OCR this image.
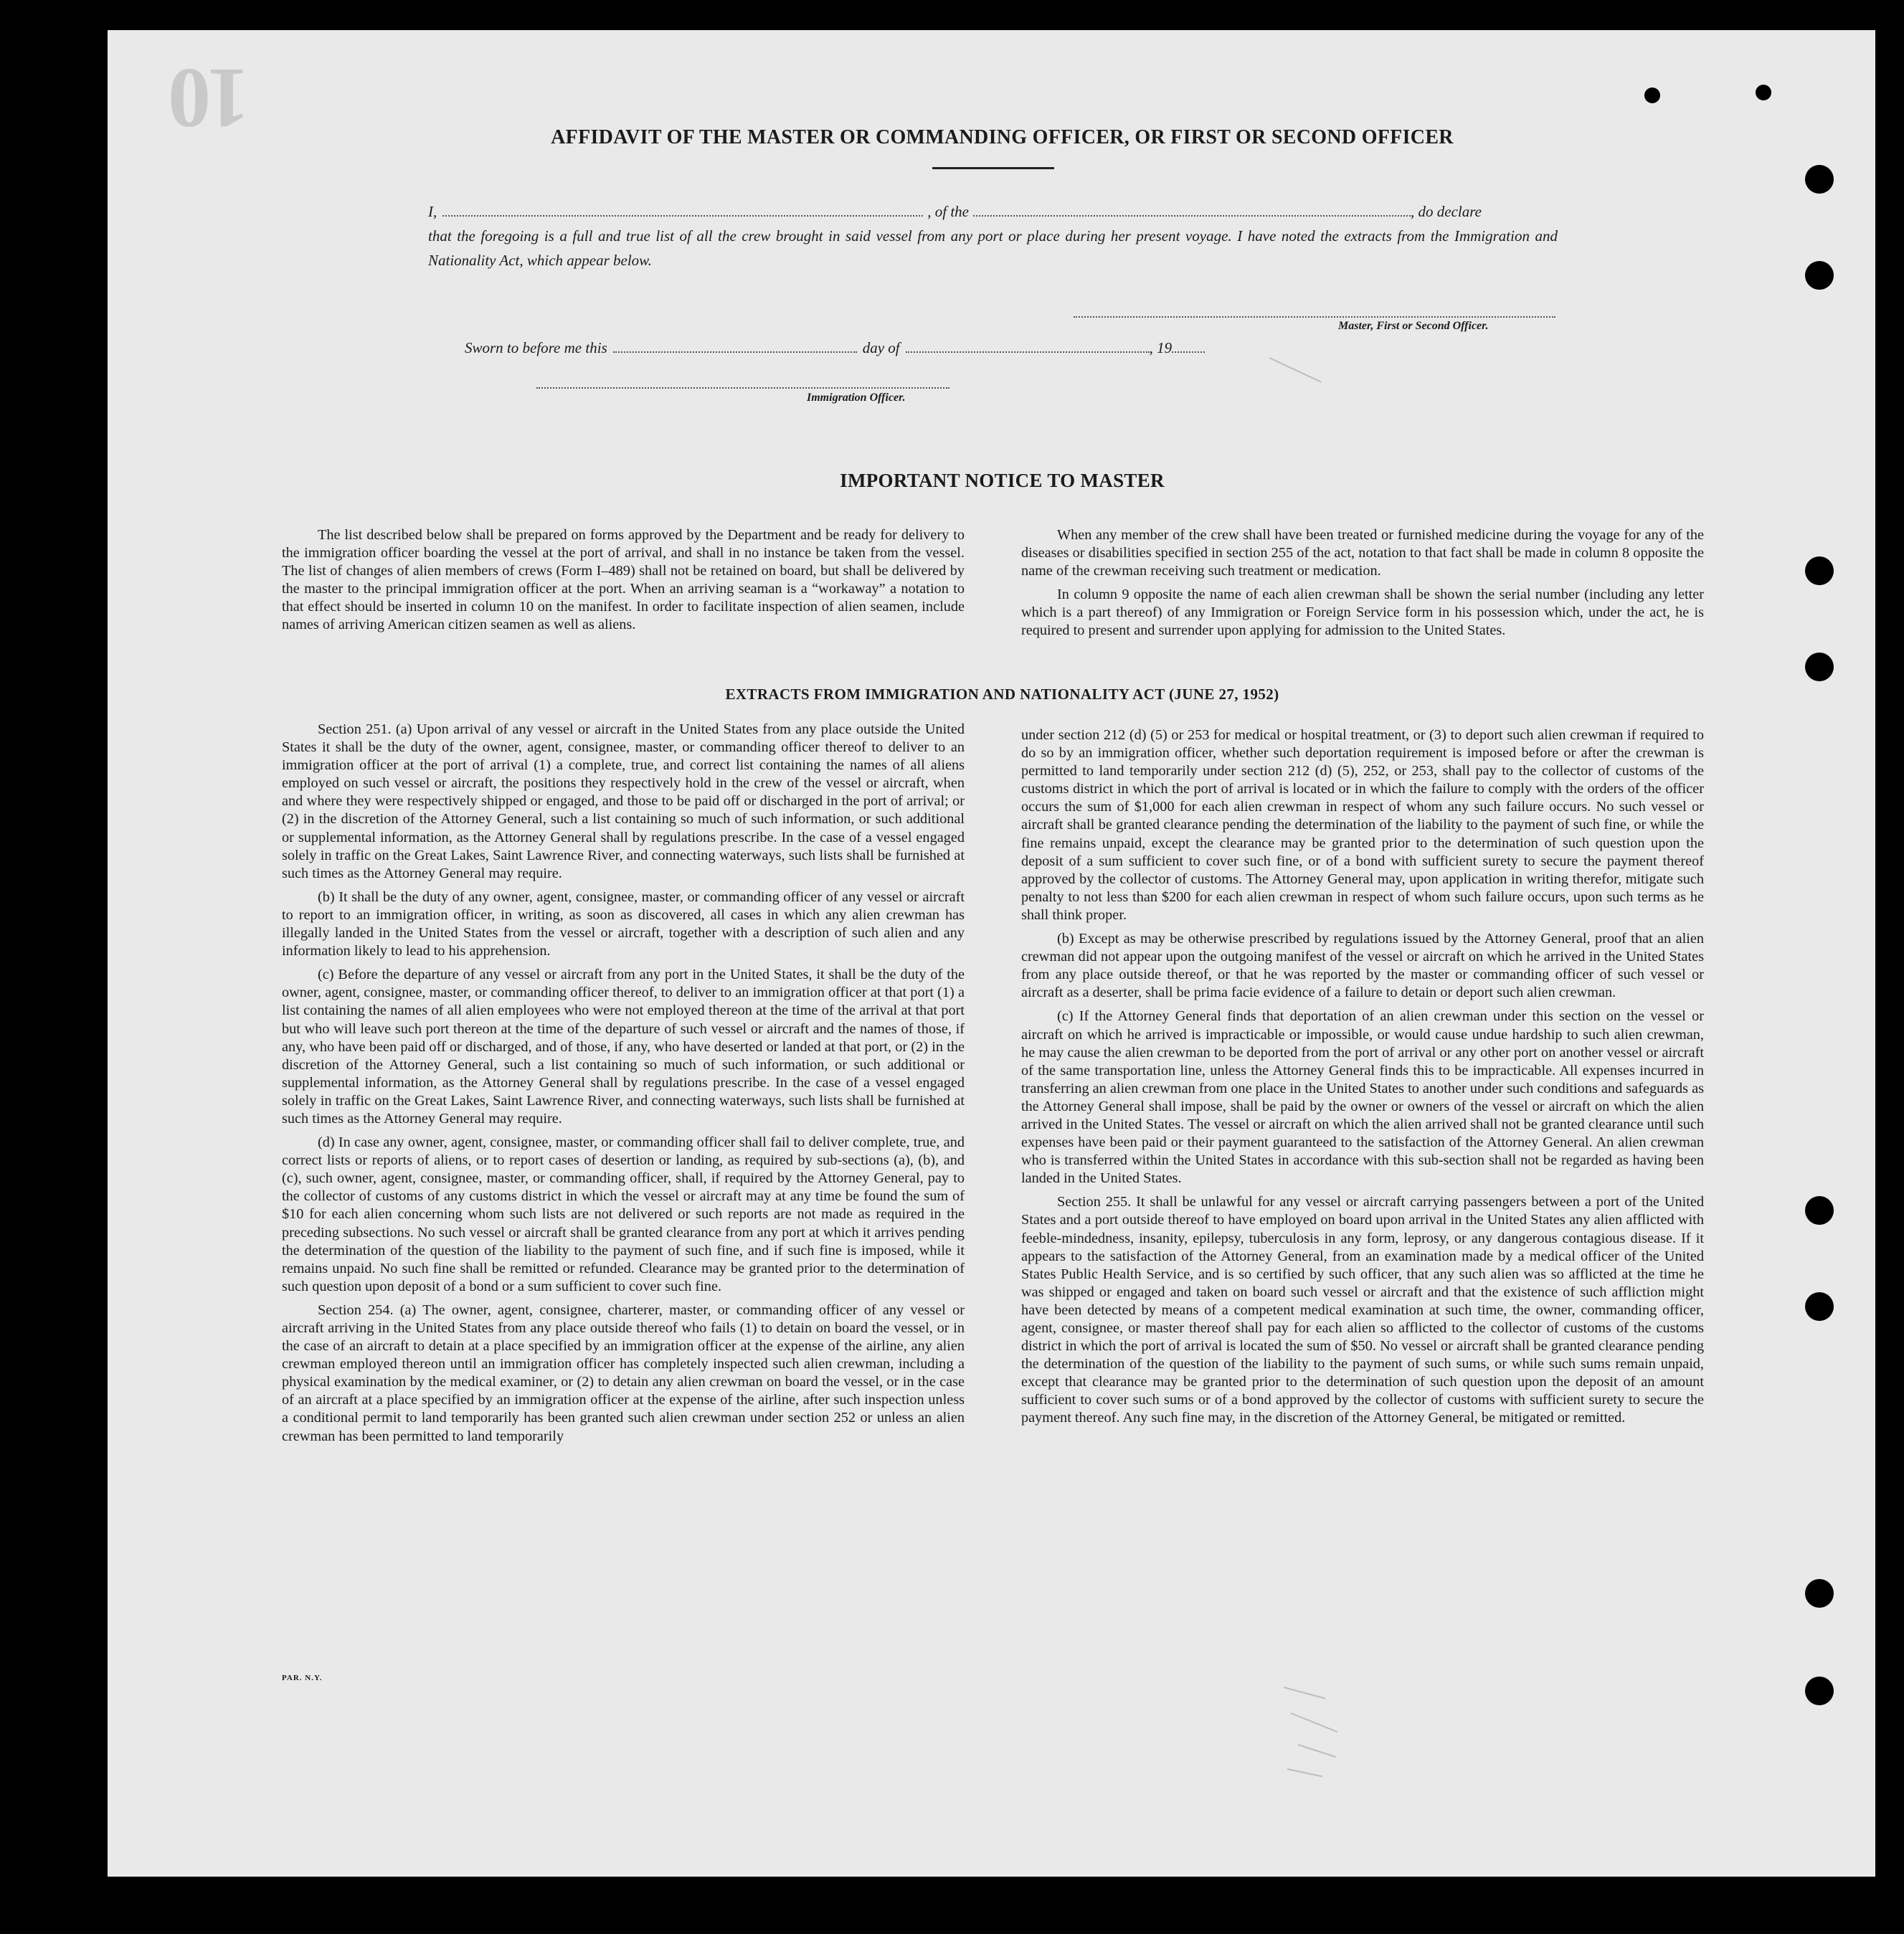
10	AFFIDAVIT OF THE MASTER OR COMMANDING OFFICER, OR FIRST OR SECOND OFFICER
I,	, of the	, do declare
that the foregoing is a full and true list of all the crew brought in said vessel from any port or place during her present voyage. I have noted the extracts from the Immigration and Nationality Act, which appear below.
Master, First or Second Officer.
Sworn to before me this	day of	, 19
Immigration Officer.
IMPORTANT NOTICE TO MASTER

The list described below shall be prepared on forms approved by the Department and be ready for delivery to the immigration officer boarding the vessel at the port of arrival, and shall in no instance be taken from the vessel. The list of changes of alien members of crews (Form I–489) shall not be retained on board, but shall be delivered by the master to the principal immigration officer at the port. When an arriving seaman is a “workaway” a notation to that effect should be inserted in column 10 on the manifest. In order to facilitate inspection of alien seamen, include names of arriving American citizen seamen as well as aliens.

When any member of the crew shall have been treated or furnished medicine during the voyage for any of the diseases or disabilities specified in section 255 of the act, notation to that fact shall be made in column 8 opposite the name of the crewman receiving such treatment or medication.

In column 9 opposite the name of each alien crewman shall be shown the serial number (including any letter which is a part thereof) of any Immigration or Foreign Service form in his possession which, under the act, he is required to present and surrender upon applying for admission to the United States.

EXTRACTS FROM IMMIGRATION AND NATIONALITY ACT (JUNE 27, 1952)

Section 251. (a) Upon arrival of any vessel or aircraft in the United States from any place outside the United States it shall be the duty of the owner, agent, consignee, master, or commanding officer thereof to deliver to an immigration officer at the port of arrival (1) a complete, true, and correct list containing the names of all aliens employed on such vessel or aircraft, the positions they respectively hold in the crew of the vessel or aircraft, when and where they were respectively shipped or engaged, and those to be paid off or discharged in the port of arrival; or (2) in the discretion of the Attorney General, such a list containing so much of such information, or such additional or supplemental information, as the Attorney General shall by regulations prescribe. In the case of a vessel engaged solely in traffic on the Great Lakes, Saint Lawrence River, and connecting waterways, such lists shall be furnished at such times as the Attorney General may require.

(b) It shall be the duty of any owner, agent, consignee, master, or commanding officer of any vessel or aircraft to report to an immigration officer, in writing, as soon as discovered, all cases in which any alien crewman has illegally landed in the United States from the vessel or aircraft, together with a description of such alien and any information likely to lead to his apprehension.

(c) Before the departure of any vessel or aircraft from any port in the United States, it shall be the duty of the owner, agent, consignee, master, or commanding officer thereof, to deliver to an immigration officer at that port (1) a list containing the names of all alien employees who were not employed thereon at the time of the arrival at that port but who will leave such port thereon at the time of the departure of such vessel or aircraft and the names of those, if any, who have been paid off or discharged, and of those, if any, who have deserted or landed at that port, or (2) in the discretion of the Attorney General, such a list containing so much of such information, or such additional or supplemental information, as the Attorney General shall by regulations prescribe. In the case of a vessel engaged solely in traffic on the Great Lakes, Saint Lawrence River, and connecting waterways, such lists shall be furnished at such times as the Attorney General may require.

(d) In case any owner, agent, consignee, master, or commanding officer shall fail to deliver complete, true, and correct lists or reports of aliens, or to report cases of desertion or landing, as required by sub-sections (a), (b), and (c), such owner, agent, consignee, master, or commanding officer, shall, if required by the Attorney General, pay to the collector of customs of any customs district in which the vessel or aircraft may at any time be found the sum of $10 for each alien concerning whom such lists are not delivered or such reports are not made as required in the preceding subsections. No such vessel or aircraft shall be granted clearance from any port at which it arrives pending the determination of the question of the liability to the payment of such fine, and if such fine is imposed, while it remains unpaid. No such fine shall be remitted or refunded. Clearance may be granted prior to the determination of such question upon deposit of a bond or a sum sufficient to cover such fine.

Section 254. (a) The owner, agent, consignee, charterer, master, or commanding officer of any vessel or aircraft arriving in the United States from any place outside thereof who fails (1) to detain on board the vessel, or in the case of an aircraft to detain at a place specified by an immigration officer at the expense of the airline, any alien crewman employed thereon until an immigration officer has completely inspected such alien crewman, including a physical examination by the medical examiner, or (2) to detain any alien crewman on board the vessel, or in the case of an aircraft at a place specified by an immigration officer at the expense of the airline, after such inspection unless a conditional permit to land temporarily has been granted such alien crewman under section 252 or unless an alien crewman has been permitted to land temporarily

under section 212 (d) (5) or 253 for medical or hospital treatment, or (3) to deport such alien crewman if required to do so by an immigration officer, whether such deportation requirement is imposed before or after the crewman is permitted to land temporarily under section 212 (d) (5), 252, or 253, shall pay to the collector of customs of the customs district in which the port of arrival is located or in which the failure to comply with the orders of the officer occurs the sum of $1,000 for each alien crewman in respect of whom any such failure occurs. No such vessel or aircraft shall be granted clearance pending the determination of the liability to the payment of such fine, or while the fine remains unpaid, except the clearance may be granted prior to the determination of such question upon the deposit of a sum sufficient to cover such fine, or of a bond with sufficient surety to secure the payment thereof approved by the collector of customs. The Attorney General may, upon application in writing therefor, mitigate such penalty to not less than $200 for each alien crewman in respect of whom such failure occurs, upon such terms as he shall think proper.

(b) Except as may be otherwise prescribed by regulations issued by the Attorney General, proof that an alien crewman did not appear upon the outgoing manifest of the vessel or aircraft on which he arrived in the United States from any place outside thereof, or that he was reported by the master or commanding officer of such vessel or aircraft as a deserter, shall be prima facie evidence of a failure to detain or deport such alien crewman.

(c) If the Attorney General finds that deportation of an alien crewman under this section on the vessel or aircraft on which he arrived is impracticable or impossible, or would cause undue hardship to such alien crewman, he may cause the alien crewman to be deported from the port of arrival or any other port on another vessel or aircraft of the same transportation line, unless the Attorney General finds this to be impracticable. All expenses incurred in transferring an alien crewman from one place in the United States to another under such conditions and safeguards as the Attorney General shall impose, shall be paid by the owner or owners of the vessel or aircraft on which the alien arrived in the United States. The vessel or aircraft on which the alien arrived shall not be granted clearance until such expenses have been paid or their payment guaranteed to the satisfaction of the Attorney General. An alien crewman who is transferred within the United States in accordance with this sub-section shall not be regarded as having been landed in the United States.

Section 255. It shall be unlawful for any vessel or aircraft carrying passengers between a port of the United States and a port outside thereof to have employed on board upon arrival in the United States any alien afflicted with feeble-mindedness, insanity, epilepsy, tuberculosis in any form, leprosy, or any dangerous contagious disease. If it appears to the satisfaction of the Attorney General, from an examination made by a medical officer of the United States Public Health Service, and is so certified by such officer, that any such alien was so afflicted at the time he was shipped or engaged and taken on board such vessel or aircraft and that the existence of such affliction might have been detected by means of a competent medical examination at such time, the owner, commanding officer, agent, consignee, or master thereof shall pay for each alien so afflicted to the collector of customs of the customs district in which the port of arrival is located the sum of $50. No vessel or aircraft shall be granted clearance pending the determination of the question of the liability to the payment of such sums, or while such sums remain unpaid, except that clearance may be granted prior to the determination of such question upon the deposit of an amount sufficient to cover such sums or of a bond approved by the collector of customs with sufficient surety to secure the payment thereof. Any such fine may, in the discretion of the Attorney General, be mitigated or remitted.

PAR. N.Y.
